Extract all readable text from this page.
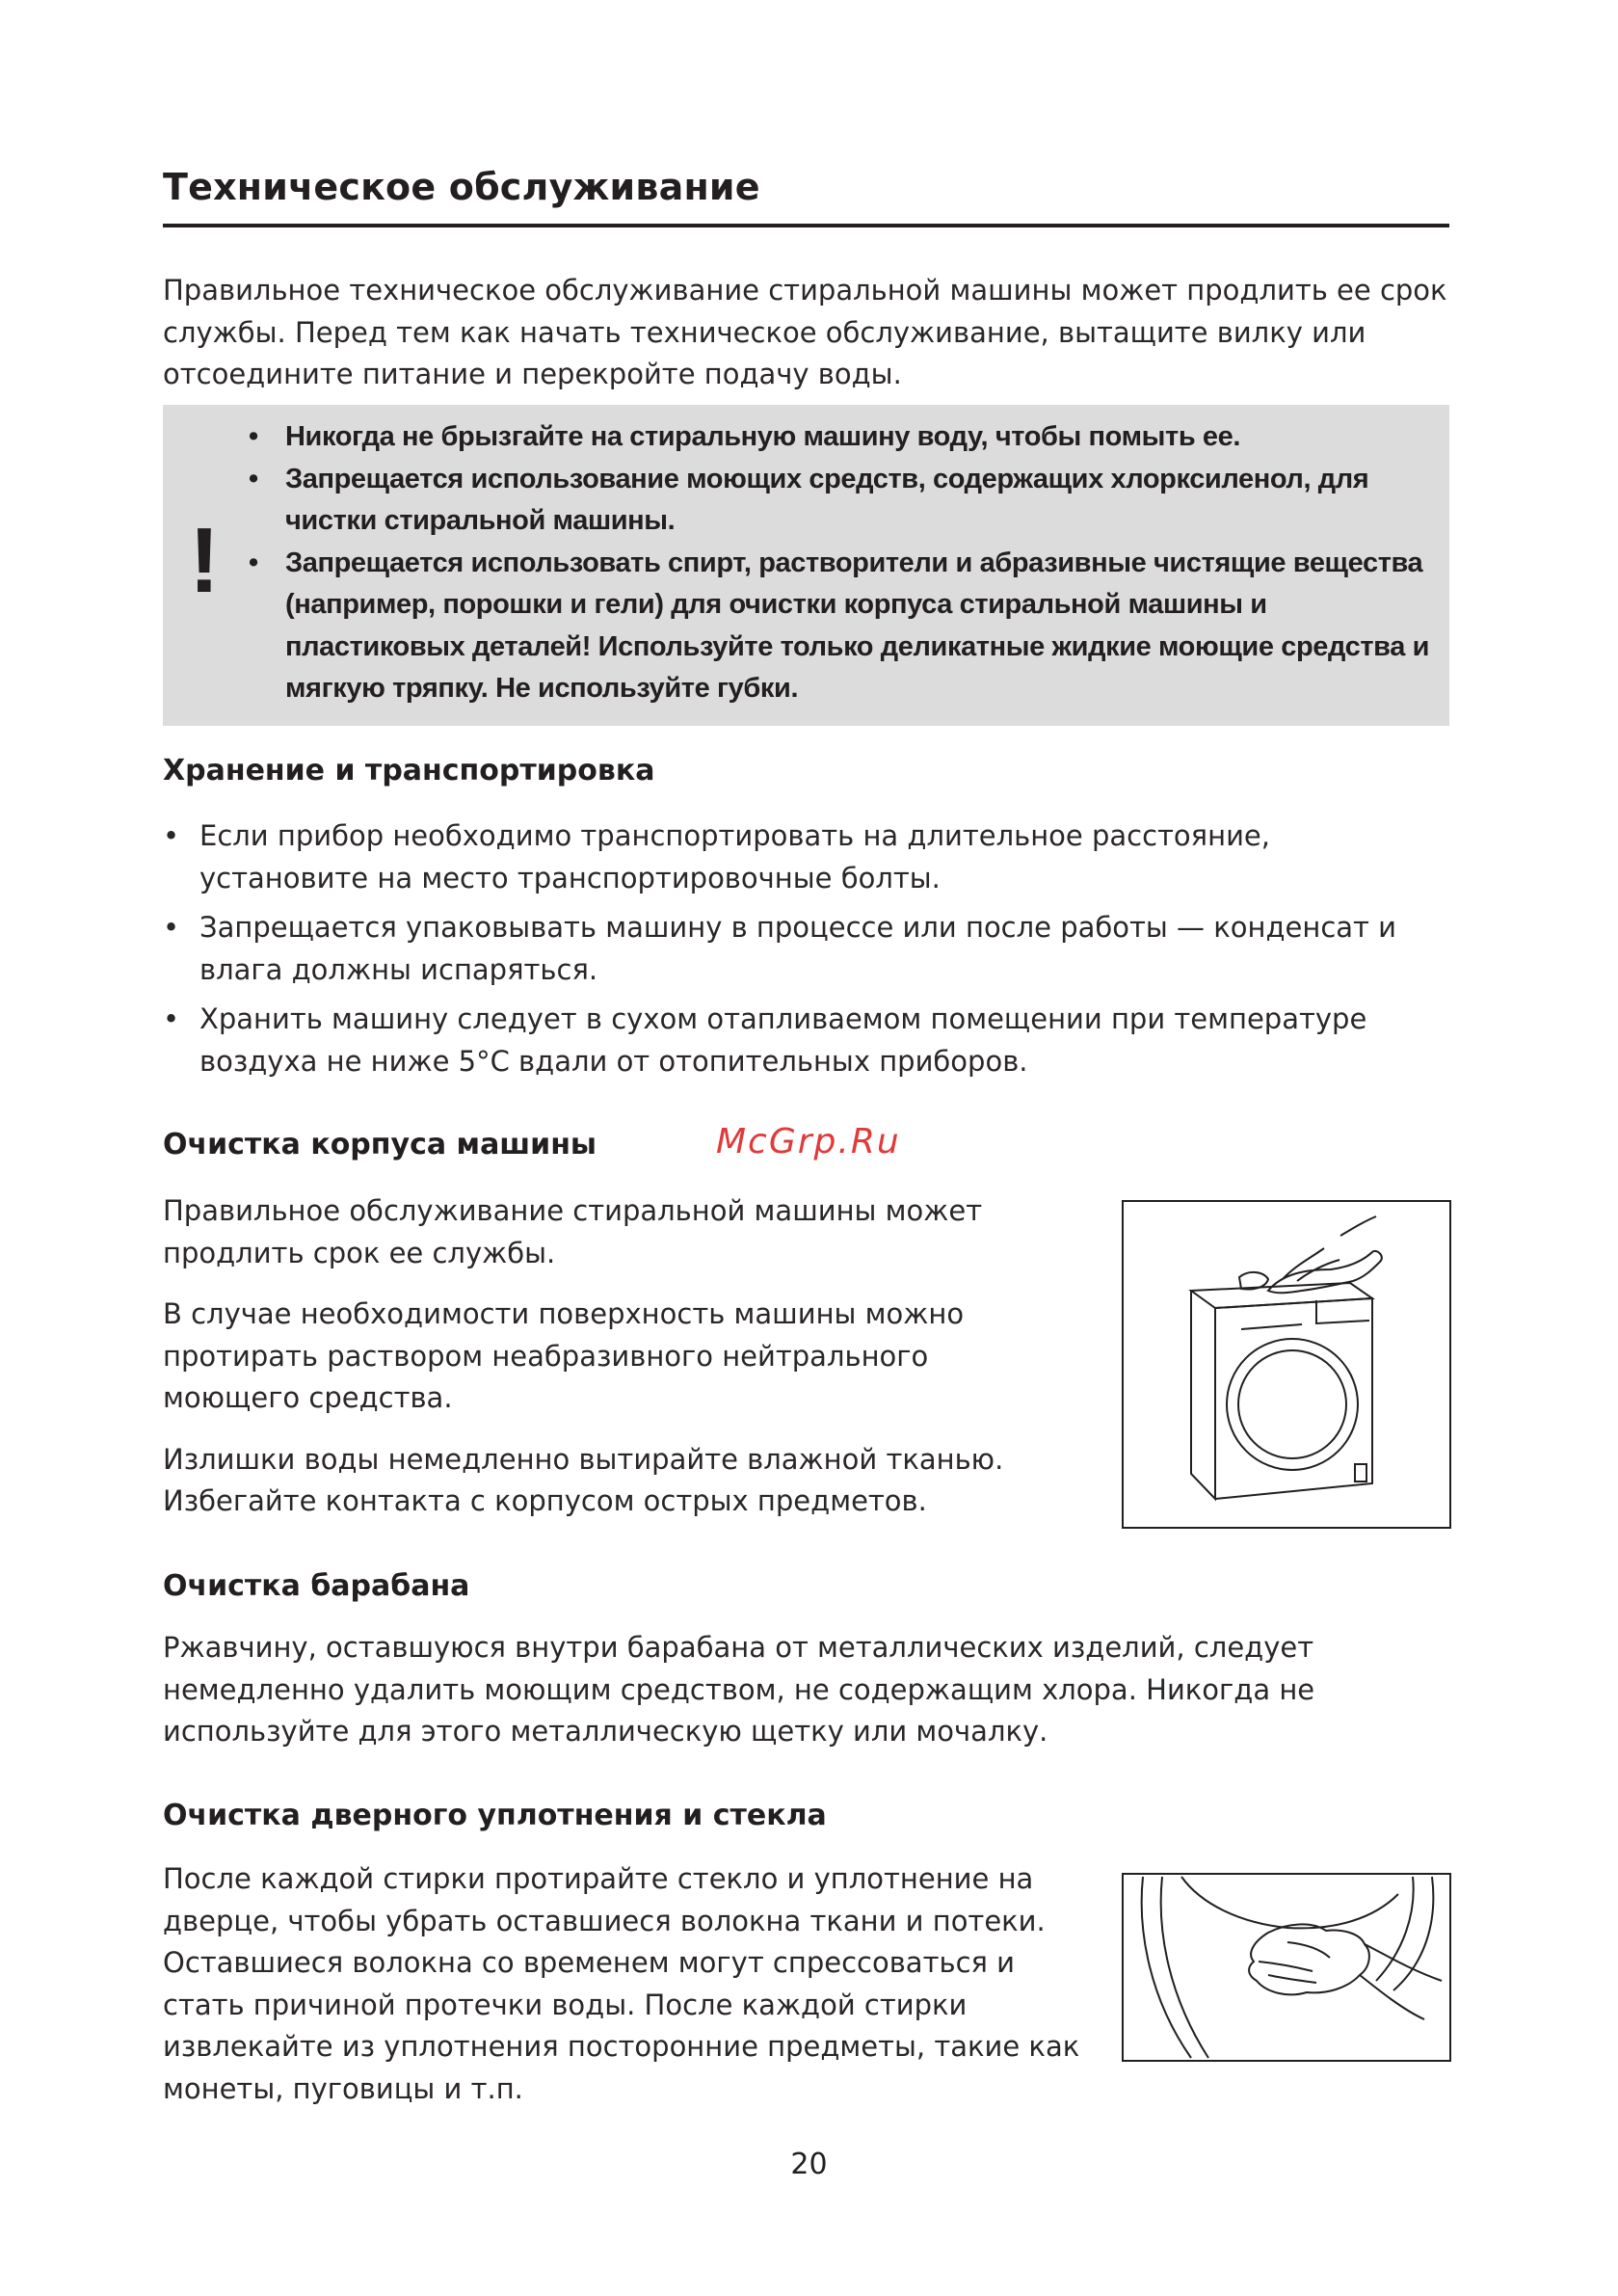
Техническое обслуживание

Правильное техническое обслуживание стиральной машины может продлить ее срок службы. Перед тем как начать техническое обслуживание, вытащите вилку или отсоедините питание и перекройте подачу воды.

!
• Никогда не брызгайте на стиральную машину воду, чтобы помыть ее.
• Запрещается использование моющих средств, содержащих хлорксиленол, для чистки стиральной машины.
• Запрещается использовать спирт, растворители и абразивные чистящие вещества (например, порошки и гели) для очистки корпуса стиральной машины и пластиковых деталей! Используйте только деликатные жидкие моющие средства и мягкую тряпку. Не используйте губки.
Хранение и транспортировка
• Если прибор необходимо транспортировать на длительное расстояние, установите на место транспортировочные болты.
• Запрещается упаковывать машину в процессе или после работы — конденсат и влага должны испаряться.
• Хранить машину следует в сухом отапливаемом помещении при температуре воздуха не ниже 5°C вдали от отопительных приборов.
Очистка корпуса машины	McGrp.Ru

Правильное обслуживание стиральной машины может продлить срок ее службы.

В случае необходимости поверхность машины можно протирать раствором неабразивного нейтрального моющего средства.

Излишки воды немедленно вытирайте влажной тканью. Избегайте контакта с корпусом острых предметов.

Очистка барабана

Ржавчину, оставшуюся внутри барабана от металлических изделий, следует немедленно удалить моющим средством, не содержащим хлора. Никогда не используйте для этого металлическую щетку или мочалку.

Очистка дверного уплотнения и стекла

После каждой стирки протирайте стекло и уплотнение на дверце, чтобы убрать оставшиеся волокна ткани и потеки. Оставшиеся волокна со временем могут спрессоваться и стать причиной протечки воды. После каждой стирки извлекайте из уплотнения посторонние предметы, такие как монеты, пуговицы и т.п.

20
